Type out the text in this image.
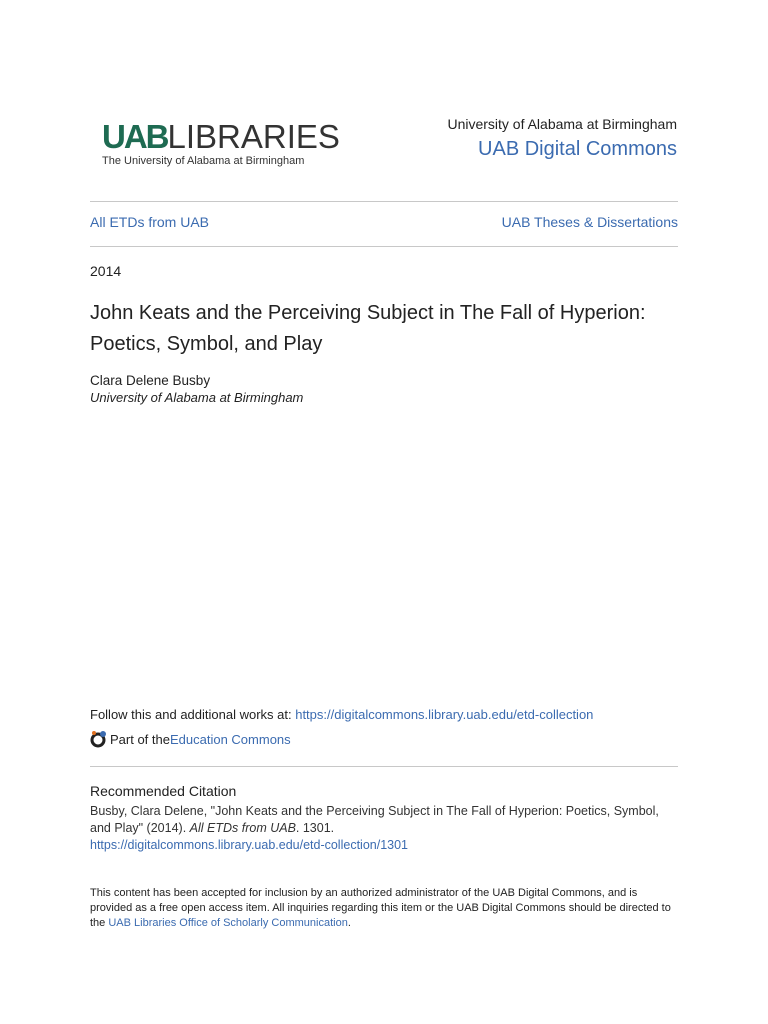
UABLIBRARIES
The University of Alabama at Birmingham
University of Alabama at Birmingham
UAB Digital Commons
All ETDs from UAB	UAB Theses & Dissertations
2014
John Keats and the Perceiving Subject in The Fall of Hyperion: Poetics, Symbol, and Play
Clara Delene Busby
University of Alabama at Birmingham
Follow this and additional works at: https://digitalcommons.library.uab.edu/etd-collection
Part of the Education Commons
Recommended Citation
Busby, Clara Delene, "John Keats and the Perceiving Subject in The Fall of Hyperion: Poetics, Symbol, and Play" (2014). All ETDs from UAB. 1301.
https://digitalcommons.library.uab.edu/etd-collection/1301
This content has been accepted for inclusion by an authorized administrator of the UAB Digital Commons, and is provided as a free open access item. All inquiries regarding this item or the UAB Digital Commons should be directed to the UAB Libraries Office of Scholarly Communication.
